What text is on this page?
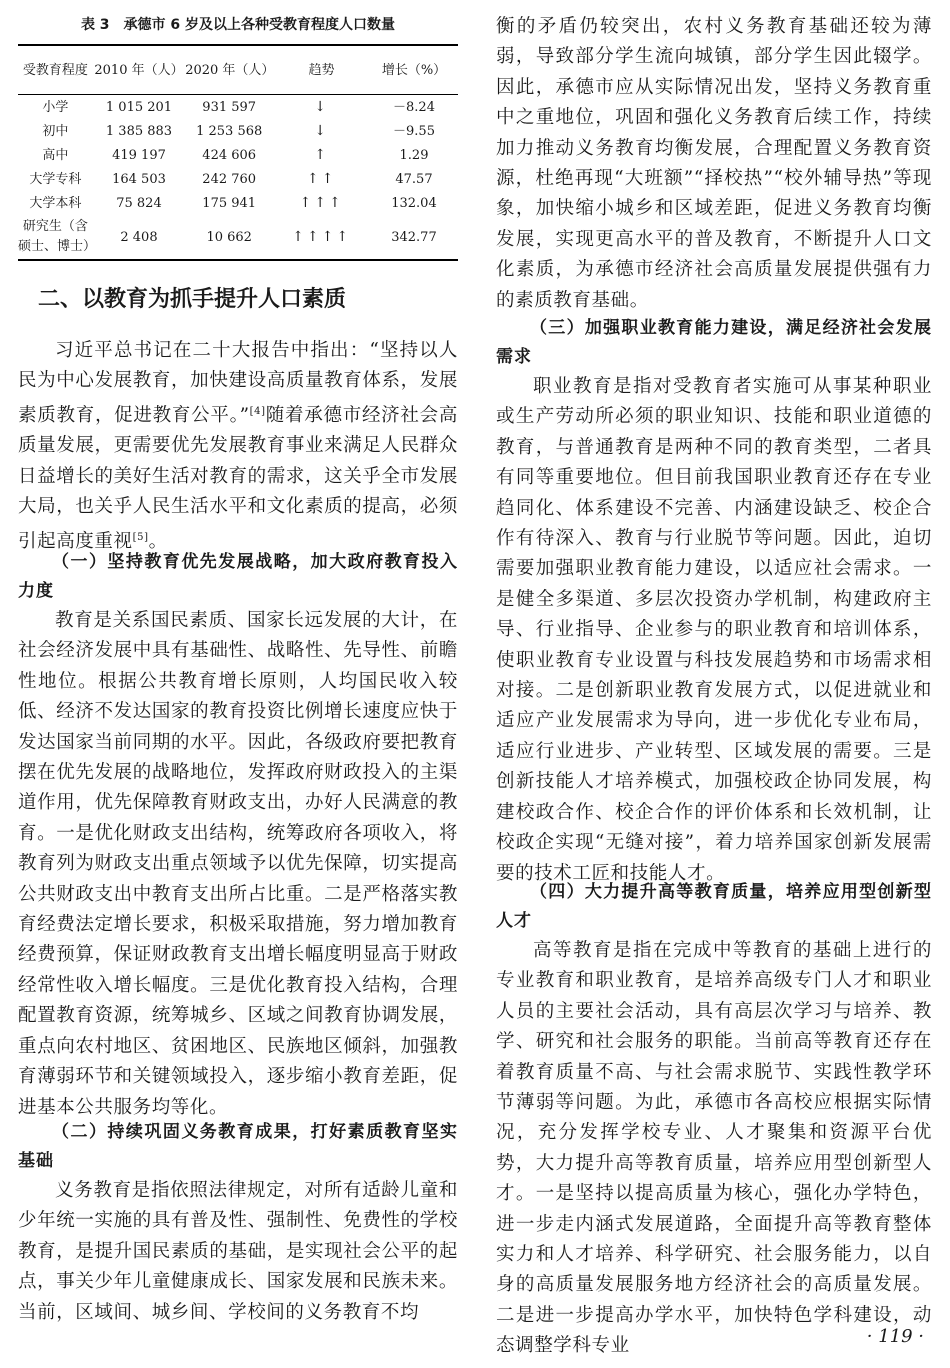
表 3　承德市 6 岁及以上各种受教育程度人口数量
受教育程度	2010 年（人）	2020 年（人）	趋势	增长（%）
小学	1 015 201	931 597	↓	－8.24
初中	1 385 883	1 253 568	↓	－9.55
高中	419 197	424 606	↑	1.29
大学专科	164 503	242 760	↑↑	47.57
大学本科	75 824	175 941	↑↑↑	132.04
研究生（含硕士、博士）	2 408	10 662	↑↑↑↑	342.77
二、以教育为抓手提升人口素质

习近平总书记在二十大报告中指出：“坚持以人民为中心发展教育，加快建设高质量教育体系，发展素质教育，促进教育公平。”[4]随着承德市经济社会高质量发展，更需要优先发展教育事业来满足人民群众日益增长的美好生活对教育的需求，这关乎全市发展大局，也关乎人民生活水平和文化素质的提高，必须引起高度重视[5]。

（一）坚持教育优先发展战略，加大政府教育投入力度

教育是关系国民素质、国家长远发展的大计，在社会经济发展中具有基础性、战略性、先导性、前瞻性地位。根据公共教育增长原则，人均国民收入较低、经济不发达国家的教育投资比例增长速度应快于发达国家当前同期的水平。因此，各级政府要把教育摆在优先发展的战略地位，发挥政府财政投入的主渠道作用，优先保障教育财政支出，办好人民满意的教育。一是优化财政支出结构，统筹政府各项收入，将教育列为财政支出重点领域予以优先保障，切实提高公共财政支出中教育支出所占比重。二是严格落实教育经费法定增长要求，积极采取措施，努力增加教育经费预算，保证财政教育支出增长幅度明显高于财政经常性收入增长幅度。三是优化教育投入结构，合理配置教育资源，统筹城乡、区域之间教育协调发展，重点向农村地区、贫困地区、民族地区倾斜，加强教育薄弱环节和关键领域投入，逐步缩小教育差距，促进基本公共服务均等化。

（二）持续巩固义务教育成果，打好素质教育坚实基础

义务教育是指依照法律规定，对所有适龄儿童和少年统一实施的具有普及性、强制性、免费性的学校教育，是提升国民素质的基础，是实现社会公平的起点，事关少年儿童健康成长、国家发展和民族未来。当前，区域间、城乡间、学校间的义务教育不均

衡的矛盾仍较突出，农村义务教育基础还较为薄弱，导致部分学生流向城镇，部分学生因此辍学。因此，承德市应从实际情况出发，坚持义务教育重中之重地位，巩固和强化义务教育后续工作，持续加力推动义务教育均衡发展，合理配置义务教育资源，杜绝再现“大班额”“择校热”“校外辅导热”等现象，加快缩小城乡和区域差距，促进义务教育均衡发展，实现更高水平的普及教育，不断提升人口文化素质，为承德市经济社会高质量发展提供强有力的素质教育基础。

（三）加强职业教育能力建设，满足经济社会发展需求

职业教育是指对受教育者实施可从事某种职业或生产劳动所必须的职业知识、技能和职业道德的教育，与普通教育是两种不同的教育类型，二者具有同等重要地位。但目前我国职业教育还存在专业趋同化、体系建设不完善、内涵建设缺乏、校企合作有待深入、教育与行业脱节等问题。因此，迫切需要加强职业教育能力建设，以适应社会需求。一是健全多渠道、多层次投资办学机制，构建政府主导、行业指导、企业参与的职业教育和培训体系，使职业教育专业设置与科技发展趋势和市场需求相对接。二是创新职业教育发展方式，以促进就业和适应产业发展需求为导向，进一步优化专业布局，适应行业进步、产业转型、区域发展的需要。三是创新技能人才培养模式，加强校政企协同发展，构建校政合作、校企合作的评价体系和长效机制，让校政企实现“无缝对接”，着力培养国家创新发展需要的技术工匠和技能人才。

（四）大力提升高等教育质量，培养应用型创新型人才

高等教育是指在完成中等教育的基础上进行的专业教育和职业教育，是培养高级专门人才和职业人员的主要社会活动，具有高层次学习与培养、教学、研究和社会服务的职能。当前高等教育还存在着教育质量不高、与社会需求脱节、实践性教学环节薄弱等问题。为此，承德市各高校应根据实际情况，充分发挥学校专业、人才聚集和资源平台优势，大力提升高等教育质量，培养应用型创新型人才。一是坚持以提高质量为核心，强化办学特色，进一步走内涵式发展道路，全面提升高等教育整体实力和人才培养、科学研究、社会服务能力，以自身的高质量发展服务地方经济社会的高质量发展。二是进一步提高办学水平，加快特色学科建设，动态调整学科专业	· 119 ·
